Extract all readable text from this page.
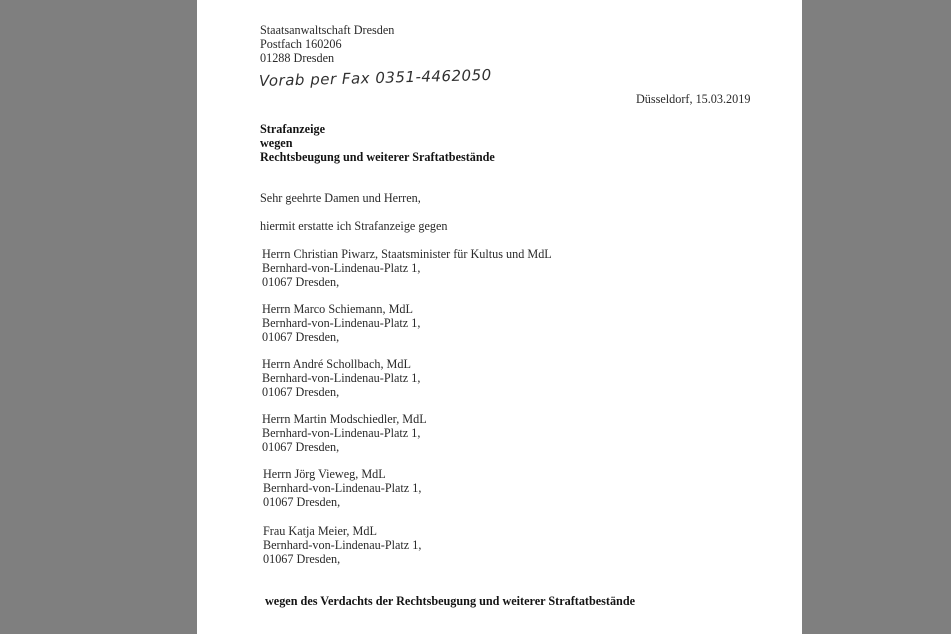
Staatsanwaltschaft Dresden
Postfach 160206
01288 Dresden
Vorab per Fax 0351-4462050
Düsseldorf, 15.03.2019
Strafanzeige
wegen
Rechtsbeugung und weiterer Sraftatbestände
Sehr geehrte Damen und Herren,
hiermit erstatte ich Strafanzeige gegen
Herrn Christian Piwarz, Staatsminister für Kultus und MdL
Bernhard-von-Lindenau-Platz 1,
01067 Dresden,
Herrn Marco Schiemann, MdL
Bernhard-von-Lindenau-Platz 1,
01067 Dresden,
Herrn André Schollbach, MdL
Bernhard-von-Lindenau-Platz 1,
01067 Dresden,
Herrn Martin Modschiedler, MdL
Bernhard-von-Lindenau-Platz 1,
01067 Dresden,
Herrn Jörg Vieweg, MdL
Bernhard-von-Lindenau-Platz 1,
01067 Dresden,
Frau Katja Meier, MdL
Bernhard-von-Lindenau-Platz 1,
01067 Dresden,
wegen des Verdachts der Rechtsbeugung und weiterer Straftatbestände
